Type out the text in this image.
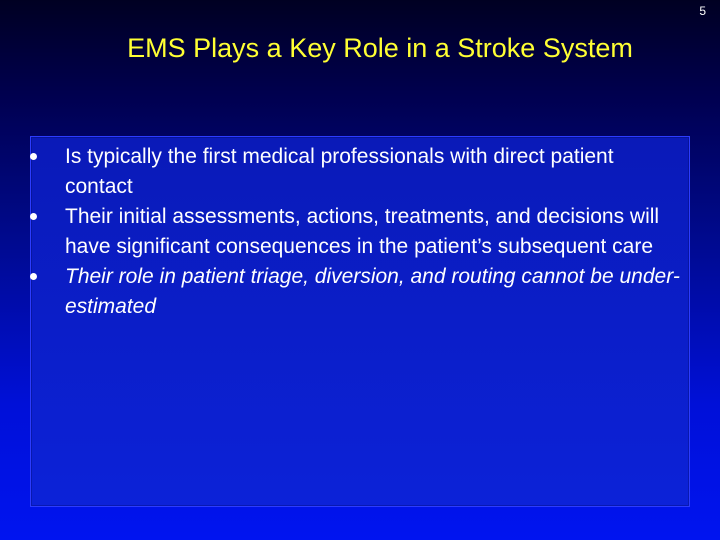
5
EMS Plays a Key Role in a Stroke System
Is typically the first medical professionals with direct patient contact
Their initial assessments, actions, treatments, and decisions will have significant consequences in the patient’s subsequent care
Their role in patient triage, diversion, and routing cannot be under-estimated
